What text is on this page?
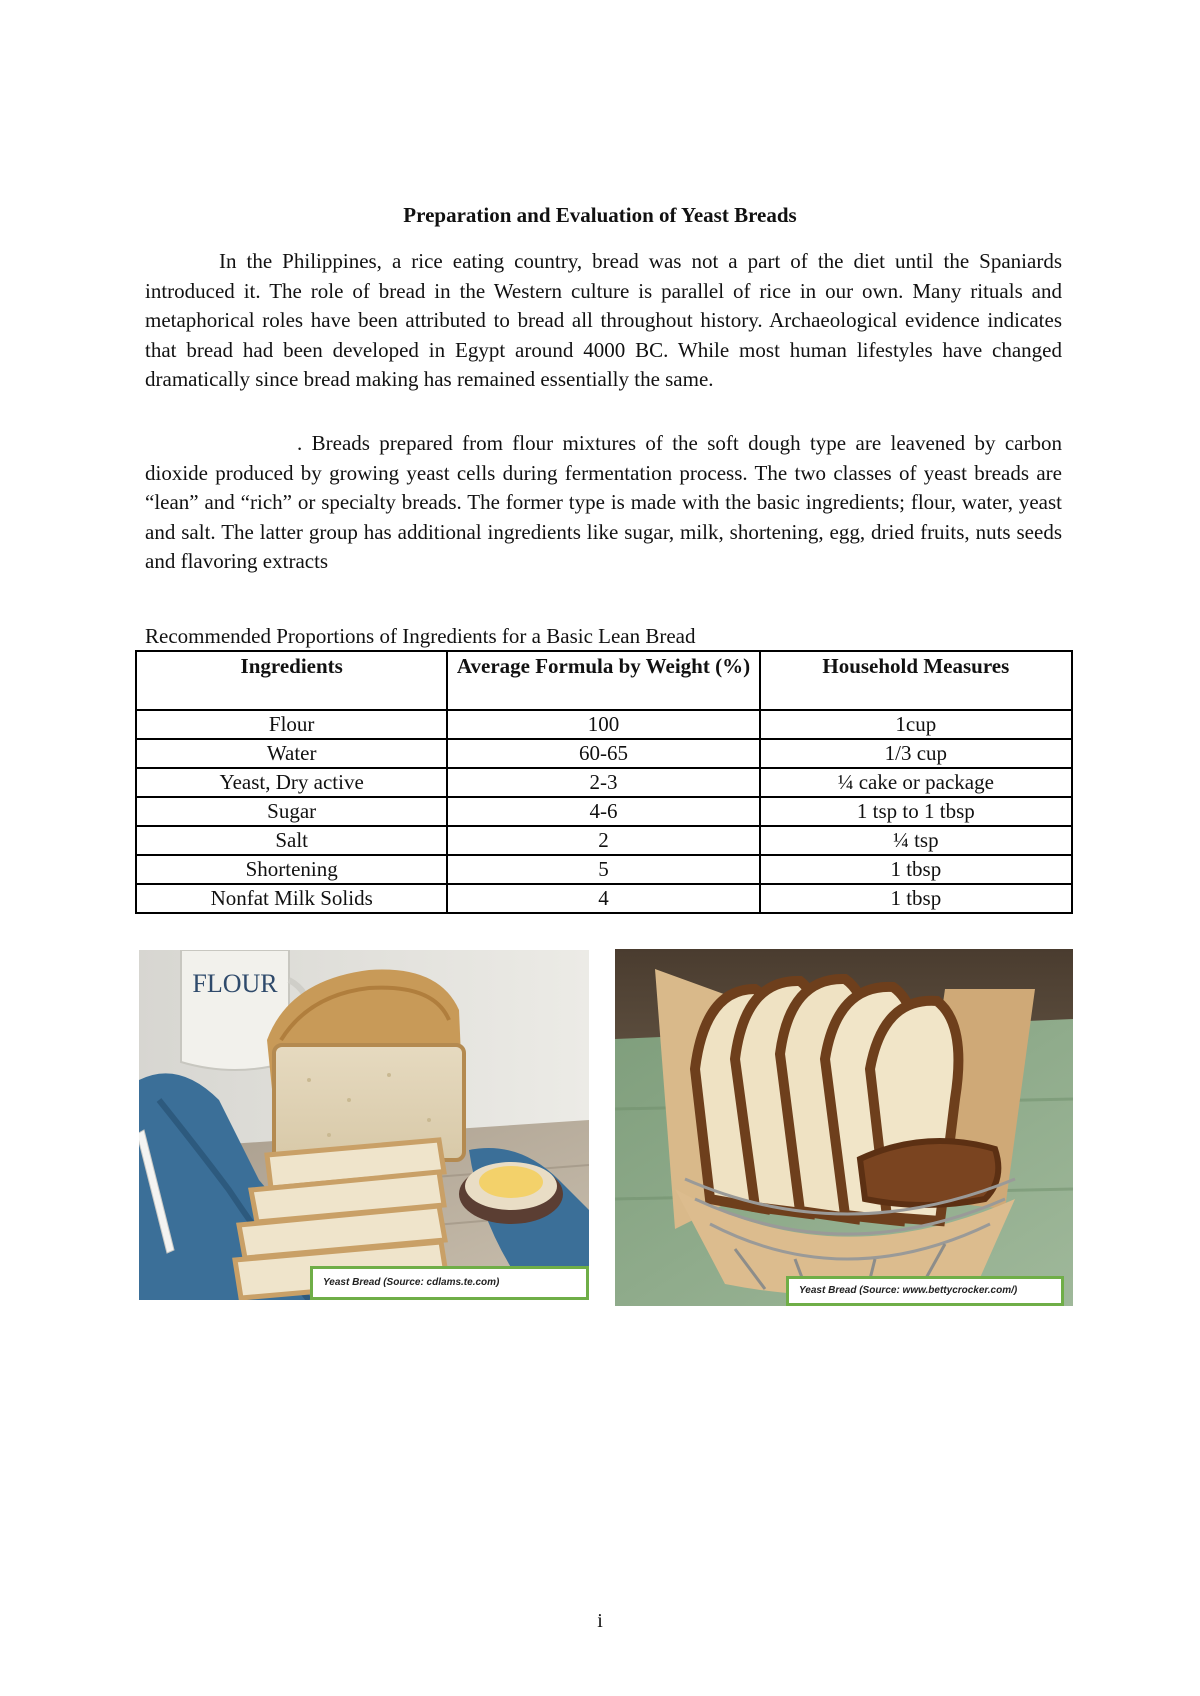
Preparation and Evaluation of Yeast Breads

In the Philippines, a rice eating country, bread was not a part of the diet until the Spaniards introduced it. The role of bread in the Western culture is parallel of rice in our own. Many rituals and metaphorical roles have been attributed to bread all throughout history. Archaeological evidence indicates that bread had been developed in Egypt around 4000 BC. While most human lifestyles have changed dramatically since bread making has remained essentially the same.

. Breads prepared from flour mixtures of the soft dough type are leavened by carbon dioxide produced by growing yeast cells during fermentation process. The two classes of yeast breads are “lean” and “rich” or specialty breads. The former type is made with the basic ingredients; flour, water, yeast and salt. The latter group has additional ingredients like sugar, milk, shortening, egg, dried fruits, nuts seeds and flavoring extracts

Recommended Proportions of Ingredients for a Basic Lean Bread

Ingredients	Average Formula by Weight (%)	Household Measures
Flour	100	1cup
Water	60-65	1/3 cup
Yeast, Dry active	2-3	¼ cake or package
Sugar	4-6	1 tsp to 1 tbsp
Salt	2	¼ tsp
Shortening	5	1 tbsp
Nonfat Milk Solids	4	1 tbsp
FLOUR
Yeast Bread (Source: cdlams.te.com)
Yeast Bread (Source: www.bettycrocker.com/)

i
